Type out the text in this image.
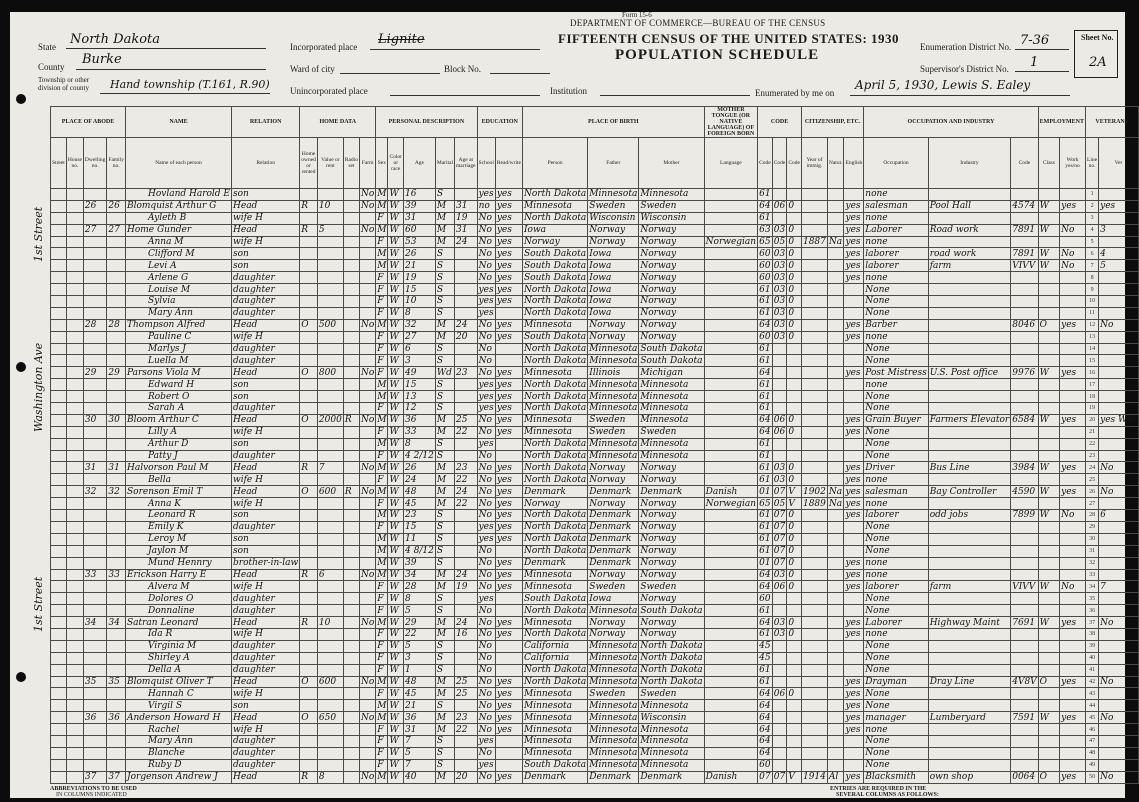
Form 15-6
DEPARTMENT OF COMMERCE—BUREAU OF THE CENSUS
FIFTEENTH CENSUS OF THE UNITED STATES: 1930
POPULATION SCHEDULE
State North Dakota
County Burke
Township or other division of county	Hand township (T.161, R.90)
Incorporated place Lignite
Ward of city	Block No.
Unincorporated place	Institution
Enumeration District No. 7-36
Supervisor's District No. 1
Enumerated by me on
April 5, 1930, Lewis S. Ealey
Sheet No.
2A
1st Street
Washington Ave
1st Street
PLACE OF ABODE				NAME	RELATION	HOME DATA				PERSONAL DESCRIPTION					EDUCATION		PLACE OF BIRTH			MOTHER TONGUE (OR NATIVE LANGUAGE) OF FOREIGN BORN	CODE			CITIZENSHIP, ETC.			OCCUPATION AND INDUSTRY			EMPLOYMENT		VETERANS	
Street	House no.	Dwelling no.	Family no.	Name of each person	Relation	Home owned or rented	Value or rent	Radio set	Farm	Sex	Color or race	Age	Marital	Age at marriage	School	Read/write	Person	Father	Mother	Language	Code	Code	Code	Year of immig.	Natur.	English	Occupation	Industry	Code	Class	Work yes/no	Line no.	Vet
				Hovland Harold E	son				No	M	W	16	S		yes	yes	North Dakota	Minnesota	Minnesota		61						none					1	
		26	26	Blomquist Arthur G	Head	R	10		No	M	W	39	M	31	no	yes	Minnesota	Sweden	Sweden		64	06	0			yes	salesman	Pool Hall	4574	W	yes	2	yes
				Ayleth B	wife H					F	W	31	M	19	No	yes	North Dakota	Wisconsin	Wisconsin		61					yes	none					3	
		27	27	Home Gunder	Head	R	5		No	M	W	60	M	31	No	yes	Iowa	Norway	Norway		63	03	0			yes	Laborer	Road work	7891	W	No	4	3
				Anna M	wife H					F	W	53	M	24	No	yes	Norway	Norway	Norway	Norwegian	65	05	0	1887	Na	yes	none					5	
				Clifford M	son					M	W	26	S		No	yes	South Dakota	Iowa	Norway		60	03	0			yes	laborer	road work	7891	W	No	6	4
				Levi A	son					M	W	21	S		No	yes	South Dakota	Iowa	Norway		60	03	0			yes	laborer	farm	VIVV	W	No	7	5
				Arlene G	daughter					F	W	19	S		No	yes	South Dakota	Iowa	Norway		60	03	0			yes	none					8	
				Louise M	daughter					F	W	15	S		yes	yes	North Dakota	Iowa	Norway		61	03	0				None					9	
				Sylvia	daughter					F	W	10	S		yes	yes	North Dakota	Iowa	Norway		61	03	0				None					10	
				Mary Ann	daughter					F	W	8	S		yes		North Dakota	Iowa	Norway		61	03	0				None					11	
		28	28	Thompson Alfred	Head	O	500		No	M	W	32	M	24	No	yes	Minnesota	Norway	Norway		64	03	0			yes	Barber		8046	O	yes	12	No
				Pauline C	wife H					F	W	27	M	20	No	yes	South Dakota	Norway	Norway		60	03	0			yes	none					13	
				Marlys J	daughter					F	W	6	S		No		North Dakota	Minnesota	South Dakota		61						None					14	
				Luella M	daughter					F	W	3	S		No		North Dakota	Minnesota	South Dakota		61						None					15	
		29	29	Parsons Viola M	Head	O	800		No	F	W	49	Wd	23	No	yes	Minnesota	Illinois	Michigan		64					yes	Post Mistress	U.S. Post office	9976	W	yes	16	
				Edward H	son					M	W	15	S		yes	yes	North Dakota	Minnesota	Minnesota		61						none					17	
				Robert O	son					M	W	13	S		yes	yes	North Dakota	Minnesota	Minnesota		61						None					18	
				Sarah A	daughter					F	W	12	S		yes	yes	North Dakota	Minnesota	Minnesota		61						None					19	
		30	30	Bloom Arthur C	Head	O	2000	R	No	M	W	36	M	25	No	yes	Minnesota	Sweden	Minnesota		64	06	0			yes	Grain Buyer	Farmers Elevator	6584	W	yes	20	yes WW
				Lilly A	wife H					F	W	33	M	22	No	yes	Minnesota	Sweden	Sweden		64	06	0			yes	None					21	
				Arthur D	son					M	W	8	S		yes		North Dakota	Minnesota	Minnesota		61						None					22	
				Patty J	daughter					F	W	4 2/12	S		No		North Dakota	Minnesota	Minnesota		61						None					23	
		31	31	Halvorson Paul M	Head	R	7		No	M	W	26	M	23	No	yes	North Dakota	Norway	Norway		61	03	0			yes	Driver	Bus Line	3984	W	yes	24	No
				Bella	wife H					F	W	24	M	22	No	yes	North Dakota	Norway	Norway		61	03	0			yes	none					25	
		32	32	Sorenson Emil T	Head	O	600	R	No	M	W	48	M	24	No	yes	Denmark	Denmark	Denmark	Danish	01	07	V	1902	Na	yes	salesman	Bay Controller	4590	W	yes	26	No
				Anna K	wife H					F	W	45	M	22	No	yes	Norway	Norway	Norway	Norwegian	65	05	V	1889	Na	yes	none					27	
				Leonard R	son					M	W	23	S		No	yes	North Dakota	Denmark	Norway		61	07	0			yes	laborer	odd jobs	7899	W	No	28	6
				Emily K	daughter					F	W	15	S		yes	yes	North Dakota	Denmark	Norway		61	07	0				None					29	
				Leroy M	son					M	W	11	S		yes	yes	North Dakota	Denmark	Norway		61	07	0				None					30	
				Jaylon M	son					M	W	4 8/12	S		No		North Dakota	Denmark	Norway		61	07	0				None					31	
				Mund Hennry	brother-in-law					M	W	39	S		No	yes	Denmark	Denmark	Norway		01	07	0			yes	none					32	
		33	33	Erickson Harry E	Head	R	6		No	M	W	34	M	24	No	yes	Minnesota	Norway	Norway		64	03	0			yes	none					33	
				Alvera M	wife H					F	W	28	M	19	No	yes	Minnesota	Sweden	Sweden		64	06	0			yes	laborer	farm	VIVV	W	No	34	7
				Dolores O	daughter					F	W	8	S		yes		South Dakota	Iowa	Norway		60						None					35	
				Donnaline	daughter					F	W	5	S		No		North Dakota	Minnesota	South Dakota		61						None					36	
		34	34	Satran Leonard	Head	R	10		No	M	W	29	M	24	No	yes	Minnesota	Norway	Norway		64	03	0			yes	Laborer	Highway Maint	7691	W	yes	37	No
				Ida R	wife H					F	W	22	M	16	No	yes	North Dakota	Norway	Norway		61	03	0			yes	none					38	
				Virginia M	daughter					F	W	5	S		No		California	Minnesota	North Dakota		45						None					39	
				Shirley A	daughter					F	W	3	S		No		California	Minnesota	North Dakota		45						None					40	
				Della A	daughter					F	W	1	S		No		North Dakota	Minnesota	North Dakota		61						None					41	
		35	35	Blomquist Oliver T	Head	O	600		No	M	W	48	M	25	No	yes	North Dakota	Minnesota	North Dakota		61					yes	Drayman	Dray Line	4V8V	O	yes	42	No
				Hannah C	wife H					F	W	45	M	25	No	yes	Minnesota	Sweden	Sweden		64	06	0			yes	None					43	
				Virgil S	son					M	W	21	S		No	yes	Minnesota	Minnesota	Minnesota		64					yes	None					44	
		36	36	Anderson Howard H	Head	O	650		No	M	W	36	M	23	No	yes	Minnesota	Minnesota	Wisconsin		64					yes	manager	Lumberyard	7591	W	yes	45	No
				Rachel	wife H					F	W	31	M	22	No	yes	Minnesota	Minnesota	Minnesota		64					yes	none					46	
				Mary Ann	daughter					F	W	7	S		yes		Minnesota	Minnesota	Minnesota		64						None					47	
				Blanche	daughter					F	W	5	S		No		Minnesota	Minnesota	Minnesota		64						None					48	
				Ruby D	daughter					F	W	7	S		yes		South Dakota	Minnesota	Minnesota		60						None					49	
		37	37	Jorgenson Andrew J	Head	R	8		No	M	W	40	M	20	No	yes	Denmark	Denmark	Denmark	Danish	07	07	V	1914	Al	yes	Blacksmith	own shop	0064	O	yes	50	No
ABBREVIATIONS TO BE USED
IN COLUMNS INDICATED
ENTRIES ARE REQUIRED IN THE
SEVERAL COLUMNS AS FOLLOWS:
